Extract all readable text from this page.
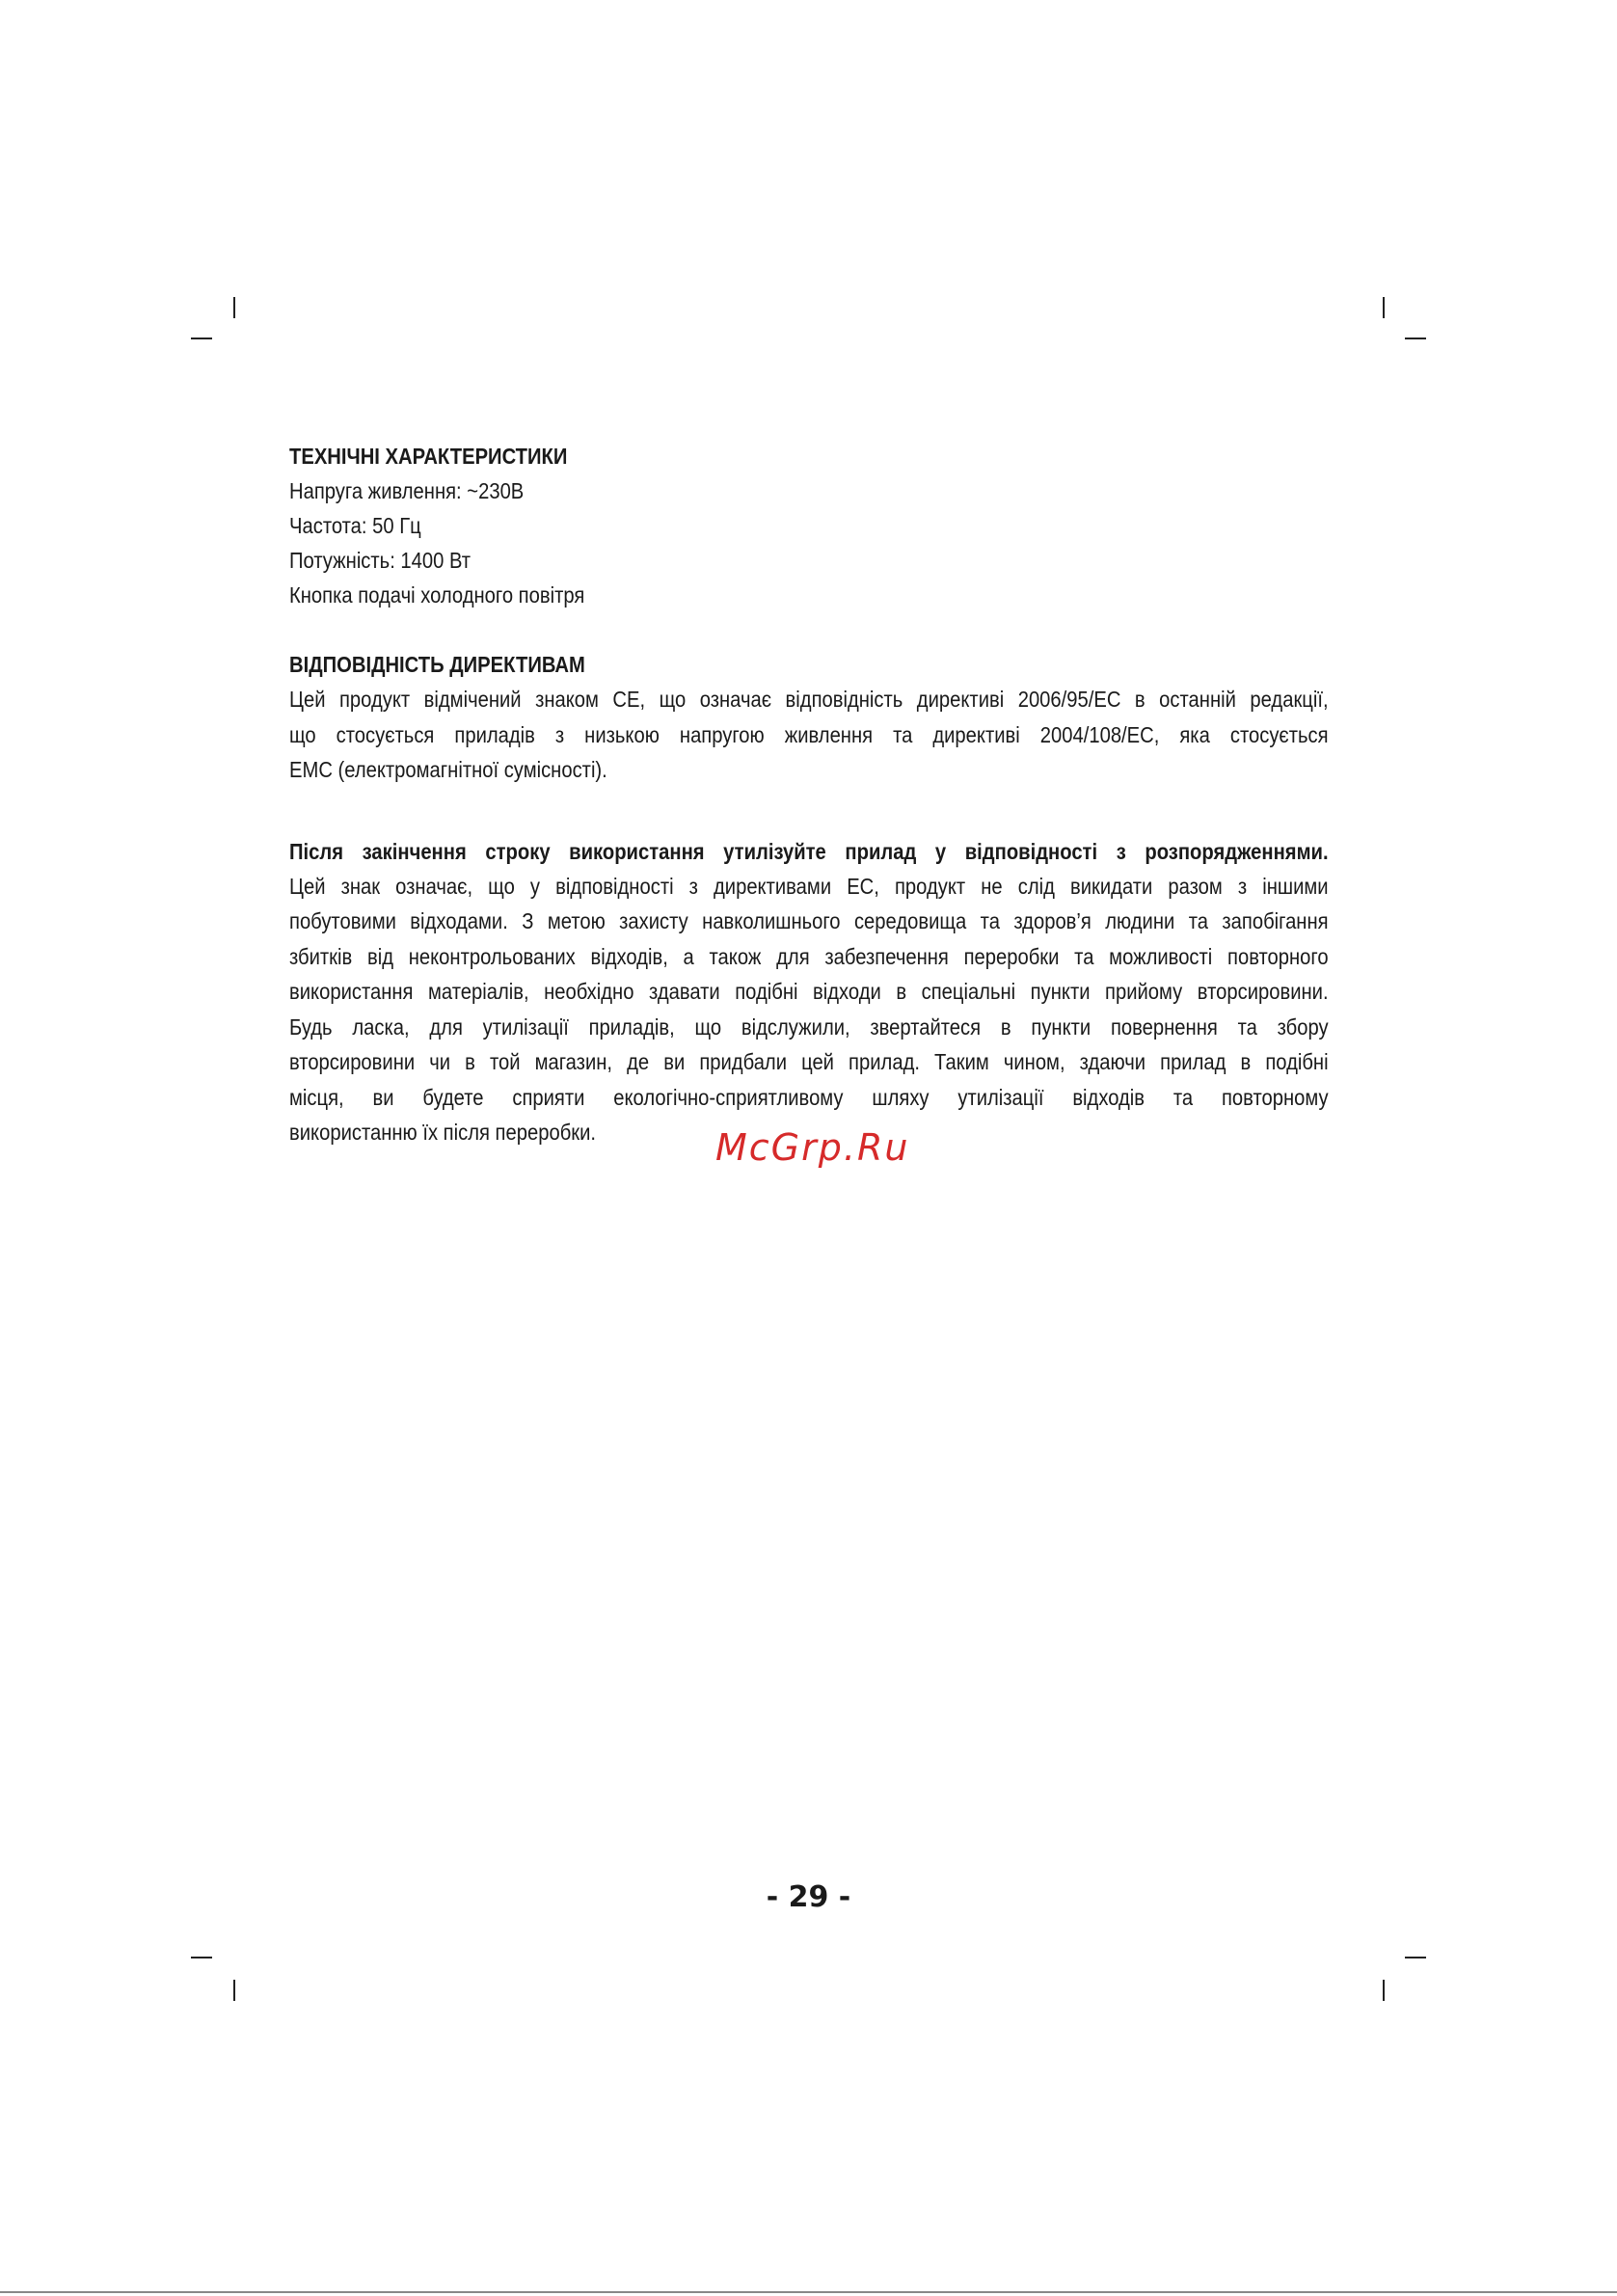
ТЕХНІЧНІ ХАРАКТЕРИСТИКИ

Напруга живлення: ~230В

Частота: 50 Гц

Потужність: 1400 Вт

Кнопка подачі холодного повітря

ВІДПОВІДНІСТЬ ДИРЕКТИВАМ

Цей продукт відмічений знаком CE, що означає відповідність директиві 2006/95/ЕС в останній редакції,

що стосується приладів з низькою напругою живлення та директиві 2004/108/ЕС, яка стосується

ЕМС (електромагнітної сумісності).

Після закінчення строку використання утилізуйте прилад у відповідності з розпорядженнями.

Цей знак означає, що у відповідності з директивами ЕС, продукт не слід викидати разом з іншими

побутовими відходами. З метою захисту навколишнього середовища та здоров’я людини та запобігання

збитків від неконтрольованих відходів, а також для забезпечення переробки та можливості повторного

використання матеріалів, необхідно здавати подібні відходи в спеціальні пункти прийому вторсировини.

Будь ласка, для утилізації приладів, що відслужили, звертайтеся в пункти повернення та збору

вторсировини чи в той магазин, де ви придбали цей прилад. Таким чином, здаючи прилад в подібні

місця, ви будете сприяти екологічно-сприятливому шляху утилізації відходів та повторному

використанню їх після переробки.	McGrp.Ru
- 29 -
